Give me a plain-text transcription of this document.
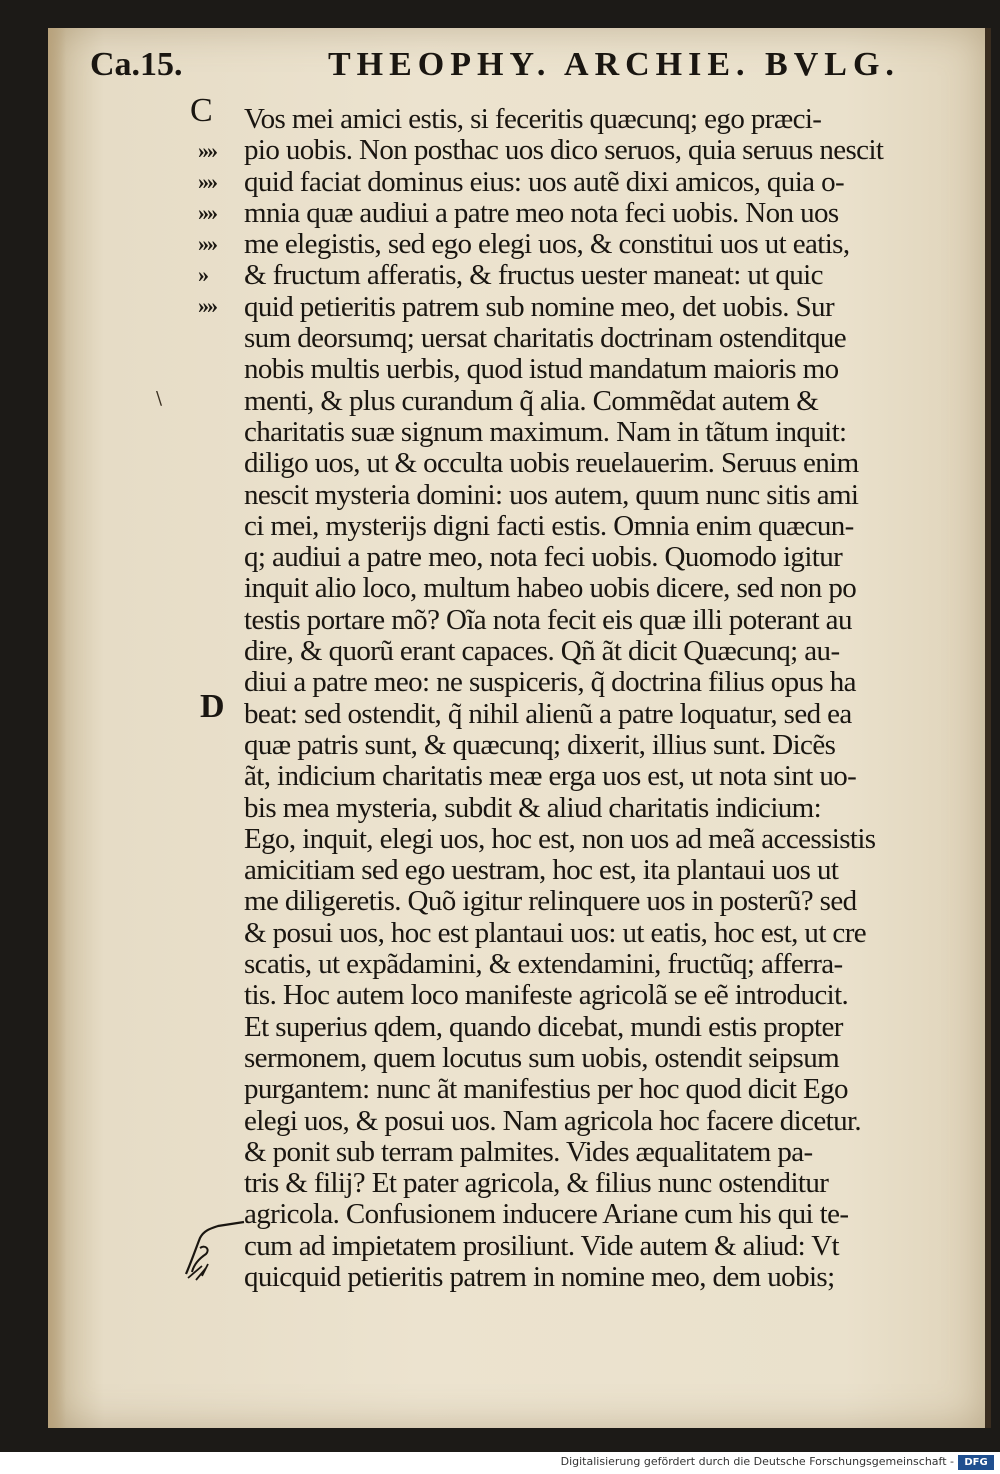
Ca.15.	THEOPHY. ARCHIE. BVLG.
C
D
»»
»»
»»
»»
»
»»
\
Vos mei amici estis, si feceritis quæcunq; ego præci-
pio uobis. Non posthac uos dico seruos, quia seruus nescit
quid faciat dominus eius: uos autẽ dixi amicos, quia o-
mnia quæ audiui a patre meo nota feci uobis. Non uos
me elegistis, sed ego elegi uos, & constitui uos ut eatis,
& fructum afferatis, & fructus uester maneat: ut quic
quid petieritis patrem sub nomine meo, det uobis. Sur
sum deorsumq; uersat charitatis doctrinam ostenditque
nobis multis uerbis, quod istud mandatum maioris mo
menti, & plus curandum q̃ alia. Commẽdat autem &
charitatis suæ signum maximum. Nam in tãtum inquit:
diligo uos, ut & occulta uobis reuelauerim. Seruus enim
nescit mysteria domini: uos autem, quum nunc sitis ami
ci mei, mysterijs digni facti estis. Omnia enim quæcun-
q; audiui a patre meo, nota feci uobis. Quomodo igitur
inquit alio loco, multum habeo uobis dicere, sed non po
testis portare mõ? Oĩa nota fecit eis quæ illi poterant au
dire, & quorũ erant capaces. Qñ ãt dicit Quæcunq; au-
diui a patre meo: ne suspiceris, q̃ doctrina filius opus ha
beat: sed ostendit, q̃ nihil alienũ a patre loquatur, sed ea
quæ patris sunt, & quæcunq; dixerit, illius sunt. Dicẽs
ãt, indicium charitatis meæ erga uos est, ut nota sint uo-
bis mea mysteria, subdit & aliud charitatis indicium:
Ego, inquit, elegi uos, hoc est, non uos ad meã accessistis
amicitiam sed ego uestram, hoc est, ita plantaui uos ut
me diligeretis. Quõ igitur relinquere uos in posterũ? sed
& posui uos, hoc est plantaui uos: ut eatis, hoc est, ut cre
scatis, ut expãdamini, & extendamini, fructũq; afferra-
tis. Hoc autem loco manifeste agricolã se eẽ introducit.
Et superius qdem, quando dicebat, mundi estis propter
sermonem, quem locutus sum uobis, ostendit seipsum
purgantem: nunc ãt manifestius per hoc quod dicit Ego
elegi uos, & posui uos. Nam agricola hoc facere dicetur.
& ponit sub terram palmites. Vides æqualitatem pa-
tris & filij? Et pater agricola, & filius nunc ostenditur
agricola. Confusionem inducere Ariane cum his qui te-
cum ad impietatem prosiliunt. Vide autem & aliud: Vt
quicquid petieritis patrem in nomine meo, dem uobis;
Digitalisierung gefördert durch die Deutsche Forschungsgemeinschaft -	DFG
